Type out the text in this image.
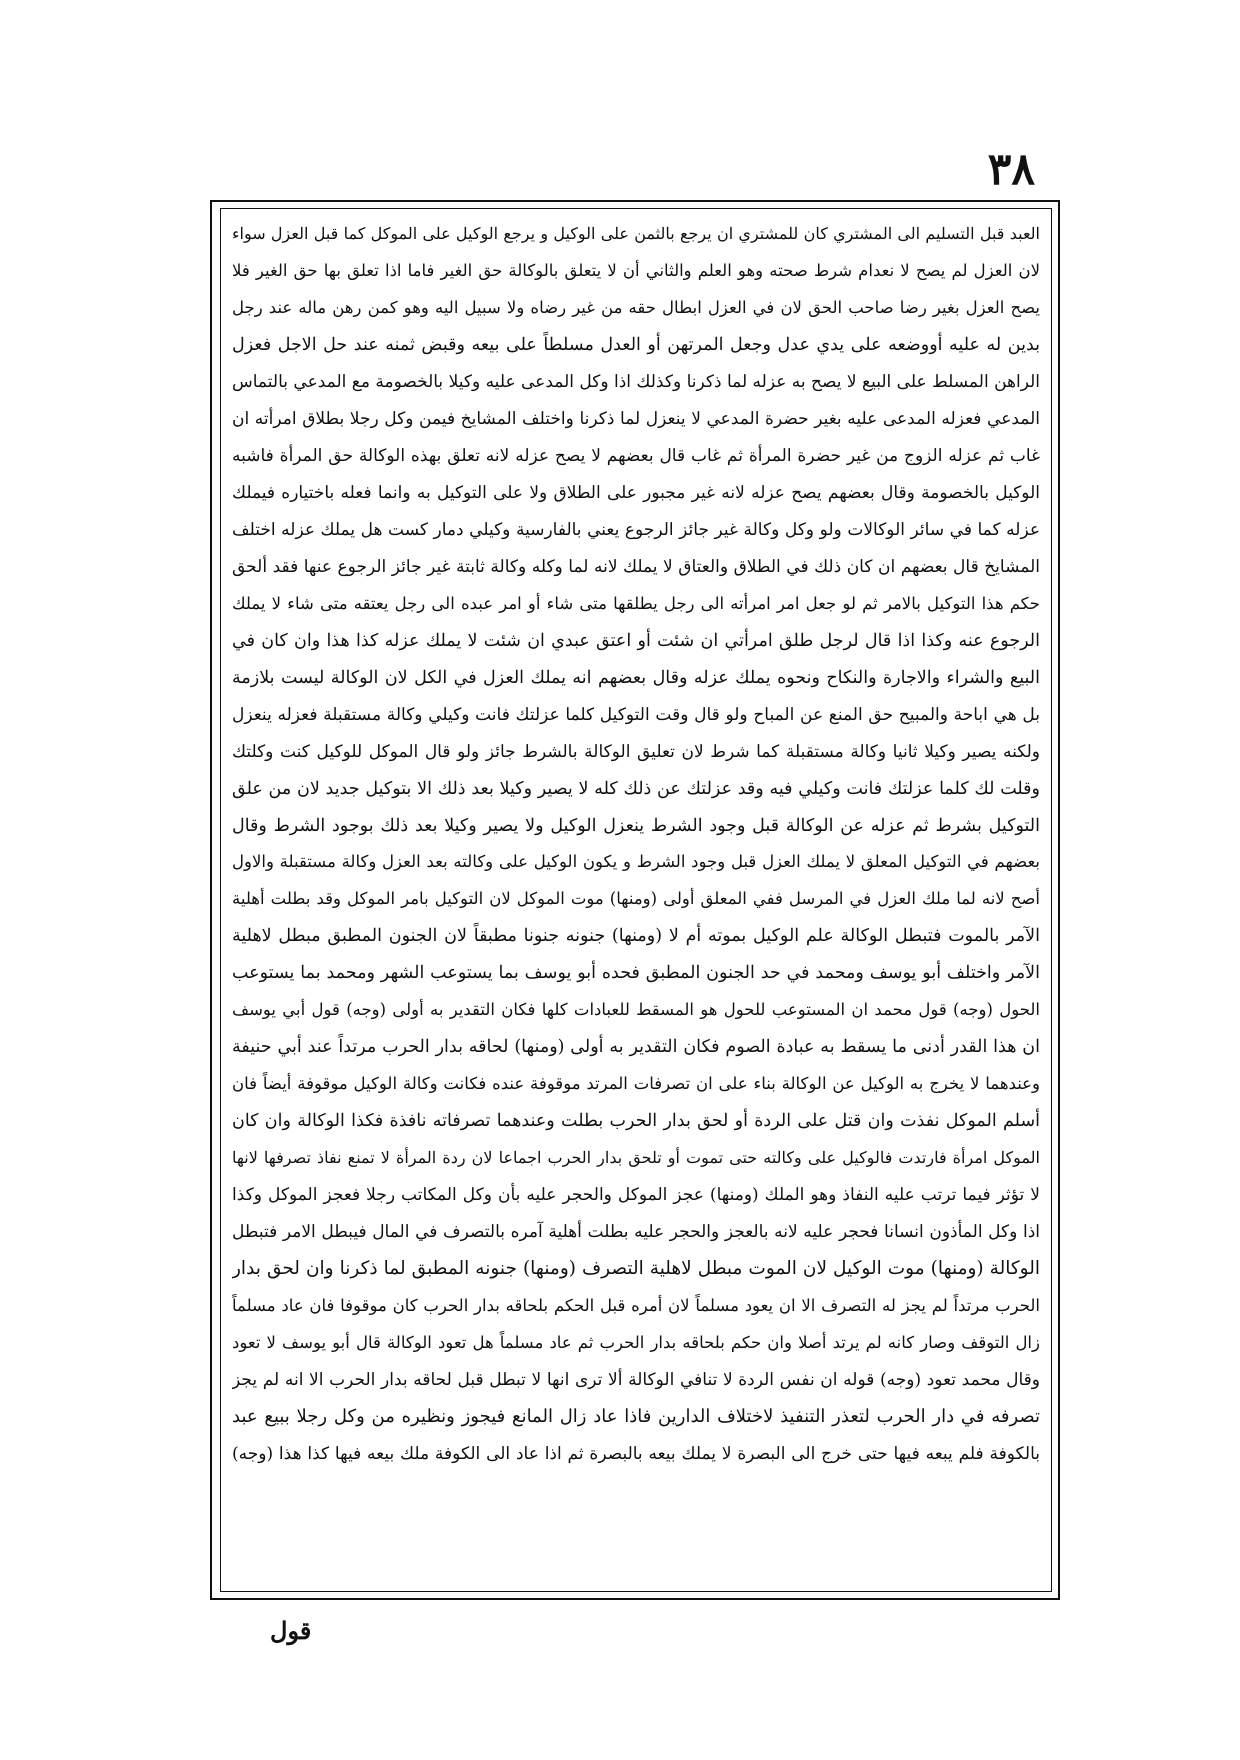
٣٨
العبد قبل التسليم الى المشتري كان للمشتري ان يرجع بالثمن على الوكيل و يرجع الوكيل على الموكل كما قبل العزل سواء
لان العزل لم يصح لا نعدام شرط صحته وهو العلم والثاني أن لا يتعلق بالوكالة حق الغير فاما اذا تعلق بها حق الغير فلا
يصح العزل بغير رضا صاحب الحق لان في العزل ابطال حقه من غير رضاه ولا سبيل اليه وهو كمن رهن ماله عند رجل
بدين له عليه أووضعه على يدي عدل وجعل المرتهن أو العدل مسلطاً على بيعه وقبض ثمنه عند حل الاجل فعزل
الراهن المسلط على البيع لا يصح به عزله لما ذكرنا وكذلك اذا وكل المدعى عليه وكيلا بالخصومة مع المدعي بالتماس
المدعي فعزله المدعى عليه بغير حضرة المدعي لا ينعزل لما ذكرنا واختلف المشايخ فيمن وكل رجلا بطلاق امرأته ان
غاب ثم عزله الزوج من غير حضرة المرأة ثم غاب قال بعضهم لا يصح عزله لانه تعلق بهذه الوكالة حق المرأة فاشبه
الوكيل بالخصومة وقال بعضهم يصح عزله لانه غير مجبور على الطلاق ولا على التوكيل به وانما فعله باختياره فيملك
عزله كما في سائر الوكالات ولو وكل وكالة غير جائز الرجوع يعني بالفارسية وكيلي دمار كست هل يملك عزله اختلف
المشايخ قال بعضهم ان كان ذلك في الطلاق والعتاق لا يملك لانه لما وكله وكالة ثابتة غير جائز الرجوع عنها فقد ألحق
حكم هذا التوكيل بالامر ثم لو جعل امر امرأته الى رجل يطلقها متى شاء أو امر عبده الى رجل يعتقه متى شاء لا يملك
الرجوع عنه وكذا اذا قال لرجل طلق امرأتي ان شئت أو اعتق عبدي ان شئت لا يملك عزله كذا هذا وان كان في
البيع والشراء والاجارة والنكاح ونحوه يملك عزله وقال بعضهم انه يملك العزل في الكل لان الوكالة ليست بلازمة
بل هي اباحة والمبيح حق المنع عن المباح ولو قال وقت التوكيل كلما عزلتك فانت وكيلي وكالة مستقبلة فعزله ينعزل
ولكنه يصير وكيلا ثانيا وكالة مستقبلة كما شرط لان تعليق الوكالة بالشرط جائز ولو قال الموكل للوكيل كنت وكلتك
وقلت لك كلما عزلتك فانت وكيلي فيه وقد عزلتك عن ذلك كله لا يصير وكيلا بعد ذلك الا بتوكيل جديد لان من علق
التوكيل بشرط ثم عزله عن الوكالة قبل وجود الشرط ينعزل الوكيل ولا يصير وكيلا بعد ذلك بوجود الشرط وقال
بعضهم في التوكيل المعلق لا يملك العزل قبل وجود الشرط و يكون الوكيل على وكالته بعد العزل وكالة مستقبلة والاول
أصح لانه لما ملك العزل في المرسل ففي المعلق أولى (ومنها) موت الموكل لان التوكيل بامر الموكل وقد بطلت أهلية
الآمر بالموت فتبطل الوكالة علم الوكيل بموته أم لا (ومنها) جنونه جنونا مطبقاً لان الجنون المطبق مبطل لاهلية
الآمر واختلف أبو يوسف ومحمد في حد الجنون المطبق فحده أبو يوسف بما يستوعب الشهر ومحمد بما يستوعب
الحول (وجه) قول محمد ان المستوعب للحول هو المسقط للعبادات كلها فكان التقدير به أولى (وجه) قول أبي يوسف
ان هذا القدر أدنى ما يسقط به عبادة الصوم فكان التقدير به أولى (ومنها) لحاقه بدار الحرب مرتداً عند أبي حنيفة
وعندهما لا يخرج به الوكيل عن الوكالة بناء على ان تصرفات المرتد موقوفة عنده فكانت وكالة الوكيل موقوفة أيضاً فان
أسلم الموكل نفذت وان قتل على الردة أو لحق بدار الحرب بطلت وعندهما تصرفاته نافذة فكذا الوكالة وان كان
الموكل امرأة فارتدت فالوكيل على وكالته حتى تموت أو تلحق بدار الحرب اجماعا لان ردة المرأة لا تمنع نفاذ تصرفها لانها
لا تؤثر فيما ترتب عليه النفاذ وهو الملك (ومنها) عجز الموكل والحجر عليه بأن وكل المكاتب رجلا فعجز الموكل وكذا
اذا وكل المأذون انسانا فحجر عليه لانه بالعجز والحجر عليه بطلت أهلية آمره بالتصرف في المال فيبطل الامر فتبطل
الوكالة (ومنها) موت الوكيل لان الموت مبطل لاهلية التصرف (ومنها) جنونه المطبق لما ذكرنا وان لحق بدار
الحرب مرتداً لم يجز له التصرف الا ان يعود مسلماً لان أمره قبل الحكم بلحاقه بدار الحرب كان موقوفا فان عاد مسلماً
زال التوقف وصار كانه لم يرتد أصلا وان حكم بلحاقه بدار الحرب ثم عاد مسلماً هل تعود الوكالة قال أبو يوسف لا تعود
وقال محمد تعود (وجه) قوله ان نفس الردة لا تنافي الوكالة ألا ترى انها لا تبطل قبل لحاقه بدار الحرب الا انه لم يجز
تصرفه في دار الحرب لتعذر التنفيذ لاختلاف الدارين فاذا عاد زال المانع فيجوز ونظيره من وكل رجلا ببيع عبد
بالكوفة فلم يبعه فيها حتى خرج الى البصرة لا يملك بيعه بالبصرة ثم اذا عاد الى الكوفة ملك بيعه فيها كذا هذا (وجه)
قول
